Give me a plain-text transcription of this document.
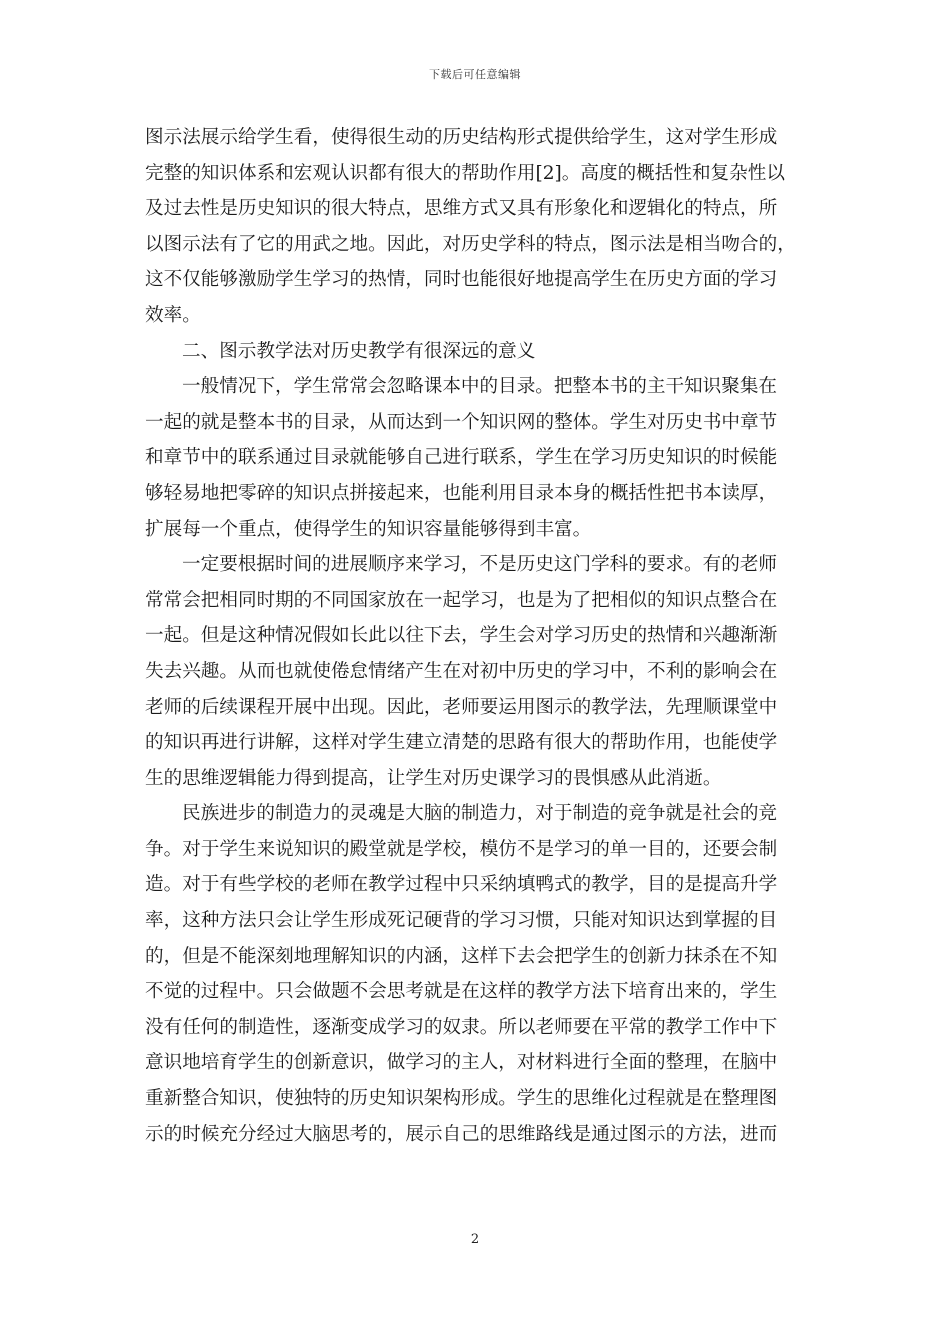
下载后可任意编辑
图示法展示给学生看，使得很生动的历史结构形式提供给学生，这对学生形成
完整的知识体系和宏观认识都有很大的帮助作用[2]。高度的概括性和复杂性以
及过去性是历史知识的很大特点，思维方式又具有形象化和逻辑化的特点，所
以图示法有了它的用武之地。因此，对历史学科的特点，图示法是相当吻合的，
这不仅能够激励学生学习的热情，同时也能很好地提高学生在历史方面的学习
效率。
二、图示教学法对历史教学有很深远的意义
一般情况下，学生常常会忽略课本中的目录。把整本书的主干知识聚集在
一起的就是整本书的目录，从而达到一个知识网的整体。学生对历史书中章节
和章节中的联系通过目录就能够自己进行联系，学生在学习历史知识的时候能
够轻易地把零碎的知识点拼接起来，也能利用目录本身的概括性把书本读厚，
扩展每一个重点，使得学生的知识容量能够得到丰富。
一定要根据时间的进展顺序来学习，不是历史这门学科的要求。有的老师
常常会把相同时期的不同国家放在一起学习，也是为了把相似的知识点整合在
一起。但是这种情况假如长此以往下去，学生会对学习历史的热情和兴趣渐渐
失去兴趣。从而也就使倦怠情绪产生在对初中历史的学习中，不利的影响会在
老师的后续课程开展中出现。因此，老师要运用图示的教学法，先理顺课堂中
的知识再进行讲解，这样对学生建立清楚的思路有很大的帮助作用，也能使学
生的思维逻辑能力得到提高，让学生对历史课学习的畏惧感从此消逝。
民族进步的制造力的灵魂是大脑的制造力，对于制造的竞争就是社会的竞
争。对于学生来说知识的殿堂就是学校，模仿不是学习的单一目的，还要会制
造。对于有些学校的老师在教学过程中只采纳填鸭式的教学，目的是提高升学
率，这种方法只会让学生形成死记硬背的学习习惯，只能对知识达到掌握的目
的，但是不能深刻地理解知识的内涵，这样下去会把学生的创新力抹杀在不知
不觉的过程中。只会做题不会思考就是在这样的教学方法下培育出来的，学生
没有任何的制造性，逐渐变成学习的奴隶。所以老师要在平常的教学工作中下
意识地培育学生的创新意识，做学习的主人，对材料进行全面的整理，在脑中
重新整合知识，使独特的历史知识架构形成。学生的思维化过程就是在整理图
示的时候充分经过大脑思考的，展示自己的思维路线是通过图示的方法，进而
2
